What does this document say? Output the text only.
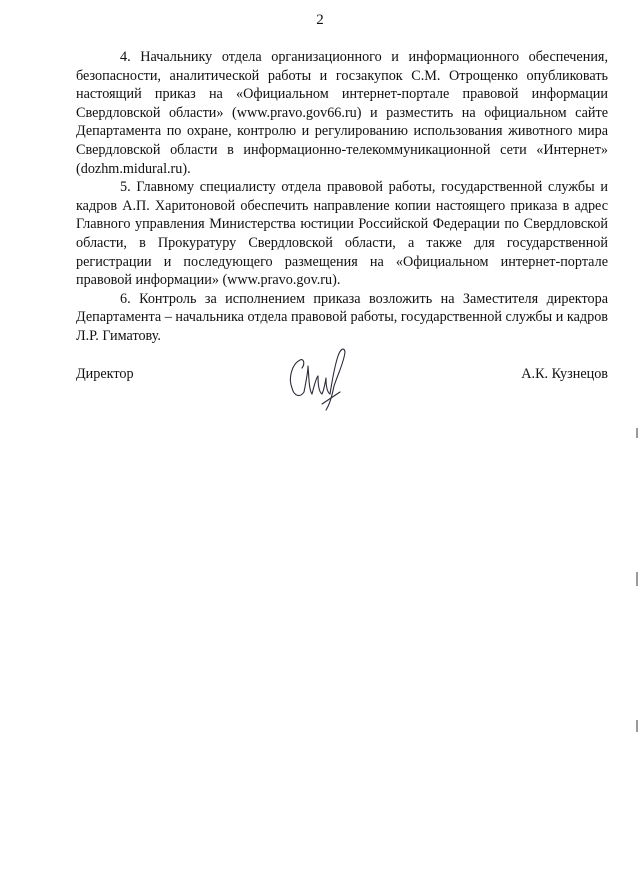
2

4. Начальнику отдела организационного и информационного обеспечения, безопасности, аналитической работы и госзакупок С.М. Отрощенко опубликовать настоящий приказ на «Официальном интернет-портале правовой информации Свердловской области» (www.pravo.gov66.ru) и разместить на официальном сайте Департамента по охране, контролю и регулированию использования животного мира Свердловской области в информационно-телекоммуникационной сети «Интернет» (dozhm.midural.ru).

5. Главному специалисту отдела правовой работы, государственной службы и кадров А.П. Харитоновой обеспечить направление копии настоящего приказа в адрес Главного управления Министерства юстиции Российской Федерации по Свердловской области, в Прокуратуру Свердловской области, а также для государственной регистрации и последующего размещения на «Официальном интернет-портале правовой информации» (www.pravo.gov.ru).

6. Контроль за исполнением приказа возложить на Заместителя директора Департамента – начальника отдела правовой работы, государственной службы и кадров Л.Р. Гиматову.

Директор	А.К. Кузнецов
